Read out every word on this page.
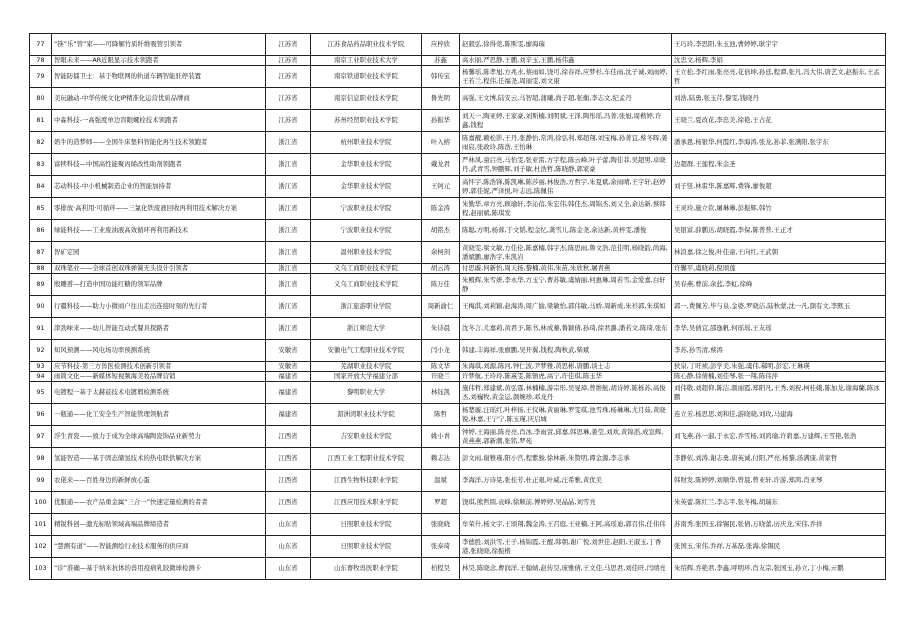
77	“筷”乐“管”家——可降解竹质纤维吸管引领者	江苏省	江苏食品药品职业技术学院	应梓欣	赵毅弘,徐得莞,陈斯雯,廖海瑞	王巧玲,李思阳,朱玉池,曹婷婷,耿宇宇
78	智眼未来——AR近眼显示技术领跑者	江苏省	南京工业职业技术大学	苏鑫	高水丽,严思静,王鹏,刘辛玉,王鹏,杨伟鑫	沈忠文,杨辉,李娟
79	智能防擂卫士：基于物联网的轨道车辆智能驻停装置	江苏省	南京铁道职业技术学院	韩传宝	杨馨瑶,陈孝旭,方兆水,蔡雨如,饶可,徐春祥,应梦杉,车佳雨,沈子诚,刘雨婷,王若兰,程伟,任福尧,周丽雯,刘文康	王立松,李红雨,张亮亮,花倍坤,孙廷,程谭,张凡,冯大伟,唐艺文,赵振东,王孟哲
80	美玩融动-中华传统文化IP精准化运营优质品牌商	江苏省	南京信息职业技术学院	鲁先明	高强,王文博,陆安云,马智超,蒲曦,尚子超,张衡,李志文,纪孟丹	刘浩,陆勇,张玉芹,黎雯,钱晓丹
81	中淼科技-一高强度单边盲眼螺栓技术领跑者	江苏省	苏州经贸职业技术学院	孙振华	刘天一,陶亚婷,王家豪,刘斯楠,刘明斌,王泽,陶彤瑶,冯菁,张旭,周楷婷,许鑫,钱程	王晓兰,夏改花,李忠美,徐艳,王占花
82	奶牛的造梦师——全国牛床垫料智能化再生技术领跑者	浙江省	杭州职业技术学院	叶入榕	陈嘉靓,赖松影,王丹,张静怡,常鸿,徐弘利,郑超翔,刘宝梅,孙菁宜,蔡冬晖,姜雨宸,张政玲,陈浩,王怡琳	潘承恩,杨银华,何霞红,李海涛,张龙,孙菲,张满阳,张宇东
83	富犊科技—中国高性能聚丙烯改性助剂领跑者	浙江省	金华职业技术学院	戴龙君	严林凤,童启亮,马怡雯,张亚雷,方宇程,陈云峰,叶子蕾,陶佳菲,吴超男,卓晓丹,武青雪,钟鹏辉,刘子敏,杜浩哲,陈晓静,郭家豪	边超群,王莲程,朱金圣
84	芯动科技-中小机械制造企业的智能加持者	浙江省	金华职业技术学院	王钶元	高怀宇,陈浩锋,陈凯琳,陈莎丽,林俊浩,方哲宇,朱夏斌,余雨晴,王宇轩,赵婷婷,郭佳妮,严泽悦,叶志远,陈佩伟	刘子竖,林雷华,陈嘉辉,费锋,廖俊超
85	零排放·高利用·可循环——三氯化铁废液回收再利用技术解决方案	浙江省	宁波职业技术学院	陈金涛	朱勤华,章方亮,顾瑜轩,李沁蓓,朱宏伟,韩佳杰,周锦杰,刘又全,余达新,蔡韩程,赵丽斌,陈琪发	王灵玲,施立钦,屠琳琳,彭振辉,韩竹
86	绿能科技——工业废油液高效循环再利用新技术	浙江省	宁波职业技术学院	胡铭杰	陈聪,方明,杨蓉,于文韬,程金忆,龚雪儿,陈金尧,余达新,黄梓雯,潘俊	吴银富,薛鹏达,胡晓霞,李保,陈普普,王正才
87	智矿定园	浙江省	温州职业技术学院	余柯剑	黄晓雯,梁文敏,方佳伦,陈嘉楠,韩宇杰,陈思雨,鲁文浩,范佳明,杨晓韵,尚海,潘斌鹏,廖浩宇,朱凯岩	林浪嘉,徐之俊,叶佳童,王向红,王武朝
88	双珠笔业——全球首创双珠弹簧无头设计引领者	浙江省	义乌工商职业技术学院	胡云涛	付思璇,何新怡,周天扬,黎楠,黄伟,朱苗,朱欣秋,屠青燕	许馨平,虞晓莉,倪颂莲
89	殷雕甫—打造中国功能红糖的领军品牌	浙江省	义乌工商职业技术学院	陈万佳	朱殿辉,朱雪妍,李永华,方玉宁,曹苏敏,虞婧丽,何惠琳,周若雪,金爱嘉,白轩静	吴春燕,曹前,余蓝,李虹,徐峰
90	行疆科技——助力小微商户往出走出连接时刻的先行者	浙江省	浙江旅游职业学院	周新渝仁	王梅淇,刘莉颖,赵海涛,周广愉,梁敏怡,郭伟敏,马娇,周新成,朱衫郭,朱琪如	郭一,费佩芳,毕与泉,金婆,罗晓洁,陆秋蒙,沈一凡,颜有文,李默玉
91	津劲味来——幼儿智能互动式餐具探路者	浙江省	浙江师范大学	朱诗晨	沈冬言,尤嘉莉,黄君予,陈书,林成蓁,鲁颖倩,孙琦,徐君潞,潘若文,陈琦,张东	李华,吴倩宜,邵逸帆,何瑶瑶,王友瑶
92	知风预测——风电场功率预测系统	安徽省	安徽电气工程职业技术学院	闫小龙	韩建,丰海祥,张旗鹏,吴开翼,钱程,陶秋武,柴斌	李苏,孙雪清,蔡涛
93	应节科技-第三方兽医检测技术创新引领者	安徽省	芜湖职业技术学院	陈文华	朱海琪,刘源,陈河,钟仁波,尹梦雅,黄思彬,唐鹏,谈士志	狄泉,丁旺祯,彭学美,朱强,虞伟,郗明,彭宏,王琳瑛
94	雨简文化——新媒体短视频海美妆品牌营销	福建省	国家开放大学福建分部	许晓兰	许梦航,王玲玲,陈熹雯,陈镇虎,高宁,许佳琪,陈玉华	陈心静,徐倩楠,刘佳琴,张一翔,陈伟萍
95	电镀程一基于太赫兹技术电镀瑕检测系统	福建省	黎明职业大学	林钰凯	施伟哲,郑建斌,黄弘霆,林楠楠,游宗彤,吴旻璋,曾维航,胡诗婷,陈栎苏,高俊杰,刘巍牧,黄金运,颜婉珍,邓龙丹	刘伟敬,刘超仰,陈洁,颜丽霞,郑阳凡,王秀,刘祝,柯桂娥,陈加龙,谢海蘭,陈冰鹏
96	一瓶通——化工安全生产智能管理领航者	福建省	湄洲湾职业技术学院	陈哲	杨楚璇,汪瑶红,叶梓扬,王仪琳,黄丽琳,罗雯琪,池雪珠,杨琳琳,尤月茹,黄晓锐,林嘉,王宁宁,陈玉瑾,庆启城	连立芳,杨思思,刘和佳,游晓晓,刘玫,马建海
97	浮生青瓷——致力于成为全球高端陶瓷饰品业新势力	江西省	吉安职业技术学院	姚小青	钟婷,王海丽,陈亮亮,肖冰,李雨萱,邱嘉,韩思琳,姜莹,刘欢,黄锦滔,成宣辉,黄燕燕,郭新潮,张铭,罗苑	刘飞燕,孙一淑,于永宏,乔雪杨,刘鸿瑜,许碧嘉,万建辉,王雪艳,张浩
98	氢能智造——基于固态储氢技术的热电联供解决方案	江西省	江西工业工程职业技术学院	赖志达	彭文雨,谢雅瑾,阳小宫,程紫骏,徐林新,朱赞明,谭金源,李志承	李静依,刘涛,谢志勇,唐英诚,付阳,严亮,杨黎,汤满康,黄家哲
99	农佬来——百姓身边的新鲜放心蛋	江西省	江西生物科技职业学院	温斌	李海洋,万诗晃,张桂芳,杜正艰,叶威,汪希雅,黄优美	韩财发,陈婷婷,刘顺华,曾晨,曾亚轩,许游,郑鸿,肖亚琴
100	优服通——农产品重金属“三合一”快速定量检测的者者	江西省	江西应用技术职业学院	罗超	饶琪,熊哲圆,袁峰,徐顺前,傅婷婷,吴晶晶,刘雪亮	朱英蕾,陈红兰,李志平,张冬梅,胡瑞东
101	精锐科创—激光标贴领域高端品牌缔造者	山东省	日照职业技术学院	张晓晓	牟荣升,杨文宇,王颂翔,魏金涛,王召庭,王亚楠,王阿,高瑶迪,郭召伟,任伟伟	苏南秀,张国玉,徐锡民,张倩,万晓蕾,历庆龙,宋伟,乔祥
102	“慧测有道”——智能测绘行业技术服务的供应商	山东省	日照职业技术学院	张泰琦	李德胜,刘洪雪,王子,杨锦霞,王醒,韩朝,谢广悦,刘世佳,赵阳,王淑玉,丁香港,张晓晓,徐振楷	张国玉,宋伟,乔祥,万基磊,张海,徐锡民
103	“诊”准确—基于纳米抗体的兽用疫病乳胶微球检测卡	山东省	山东畜牧兽医职业学院	柏程昊	林昊,陈晓念,曹润洋,王翰婧,赵传昊,庞雅倩,王文佳,马思君,刘佳旺,闫靖亮	朱绍辉,乔艳君,李鑫,呼明环,肖友宗,张国玉,孙立,丁小梅,亓鹏
